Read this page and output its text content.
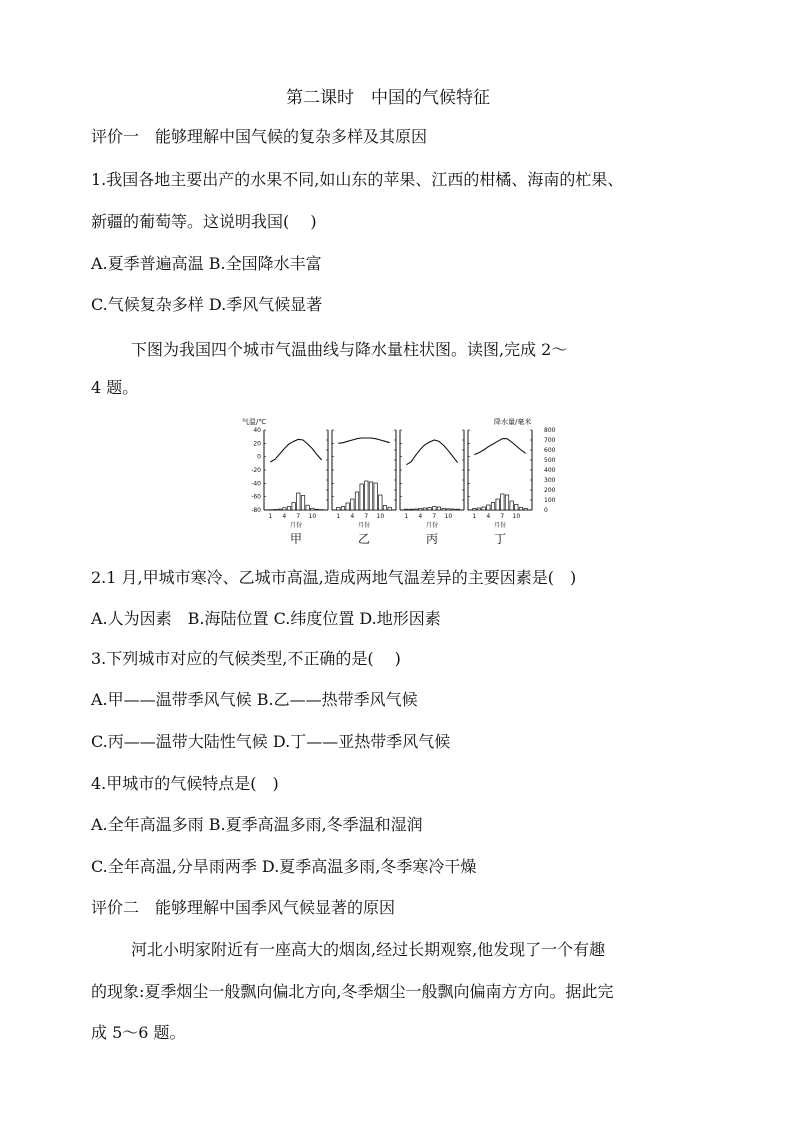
第二课时　中国的气候特征
评价一　能够理解中国气候的复杂多样及其原因
1.我国各地主要出产的水果不同,如山东的苹果、江西的柑橘、海南的杧果、
新疆的葡萄等。这说明我国(　 )
A.夏季普遍高温 B.全国降水丰富
C.气候复杂多样 D.季风气候显著
下图为我国四个城市气温曲线与降水量柱状图。读图,完成 2～
4 题。
气温/℃	降水量/毫米
40
20
0
-20
-40
-60
-80
800
700
600
500
400
300
200
100
0
1 4 7 10
月份
甲
1 4 7 10
月份
乙
1 4 7 10
月份
丙
1 4 7 10
月份
丁
2.1 月,甲城市寒冷、乙城市高温,造成两地气温差异的主要因素是(　)
A.人为因素　B.海陆位置 C.纬度位置 D.地形因素
3.下列城市对应的气候类型,不正确的是(　 )
A.甲——温带季风气候 B.乙——热带季风气候
C.丙——温带大陆性气候 D.丁——亚热带季风气候
4.甲城市的气候特点是(　)
A.全年高温多雨 B.夏季高温多雨,冬季温和湿润
C.全年高温,分旱雨两季 D.夏季高温多雨,冬季寒冷干燥
评价二　能够理解中国季风气候显著的原因
河北小明家附近有一座高大的烟囱,经过长期观察,他发现了一个有趣
的现象:夏季烟尘一般飘向偏北方向,冬季烟尘一般飘向偏南方方向。据此完
成 5～6 题。
